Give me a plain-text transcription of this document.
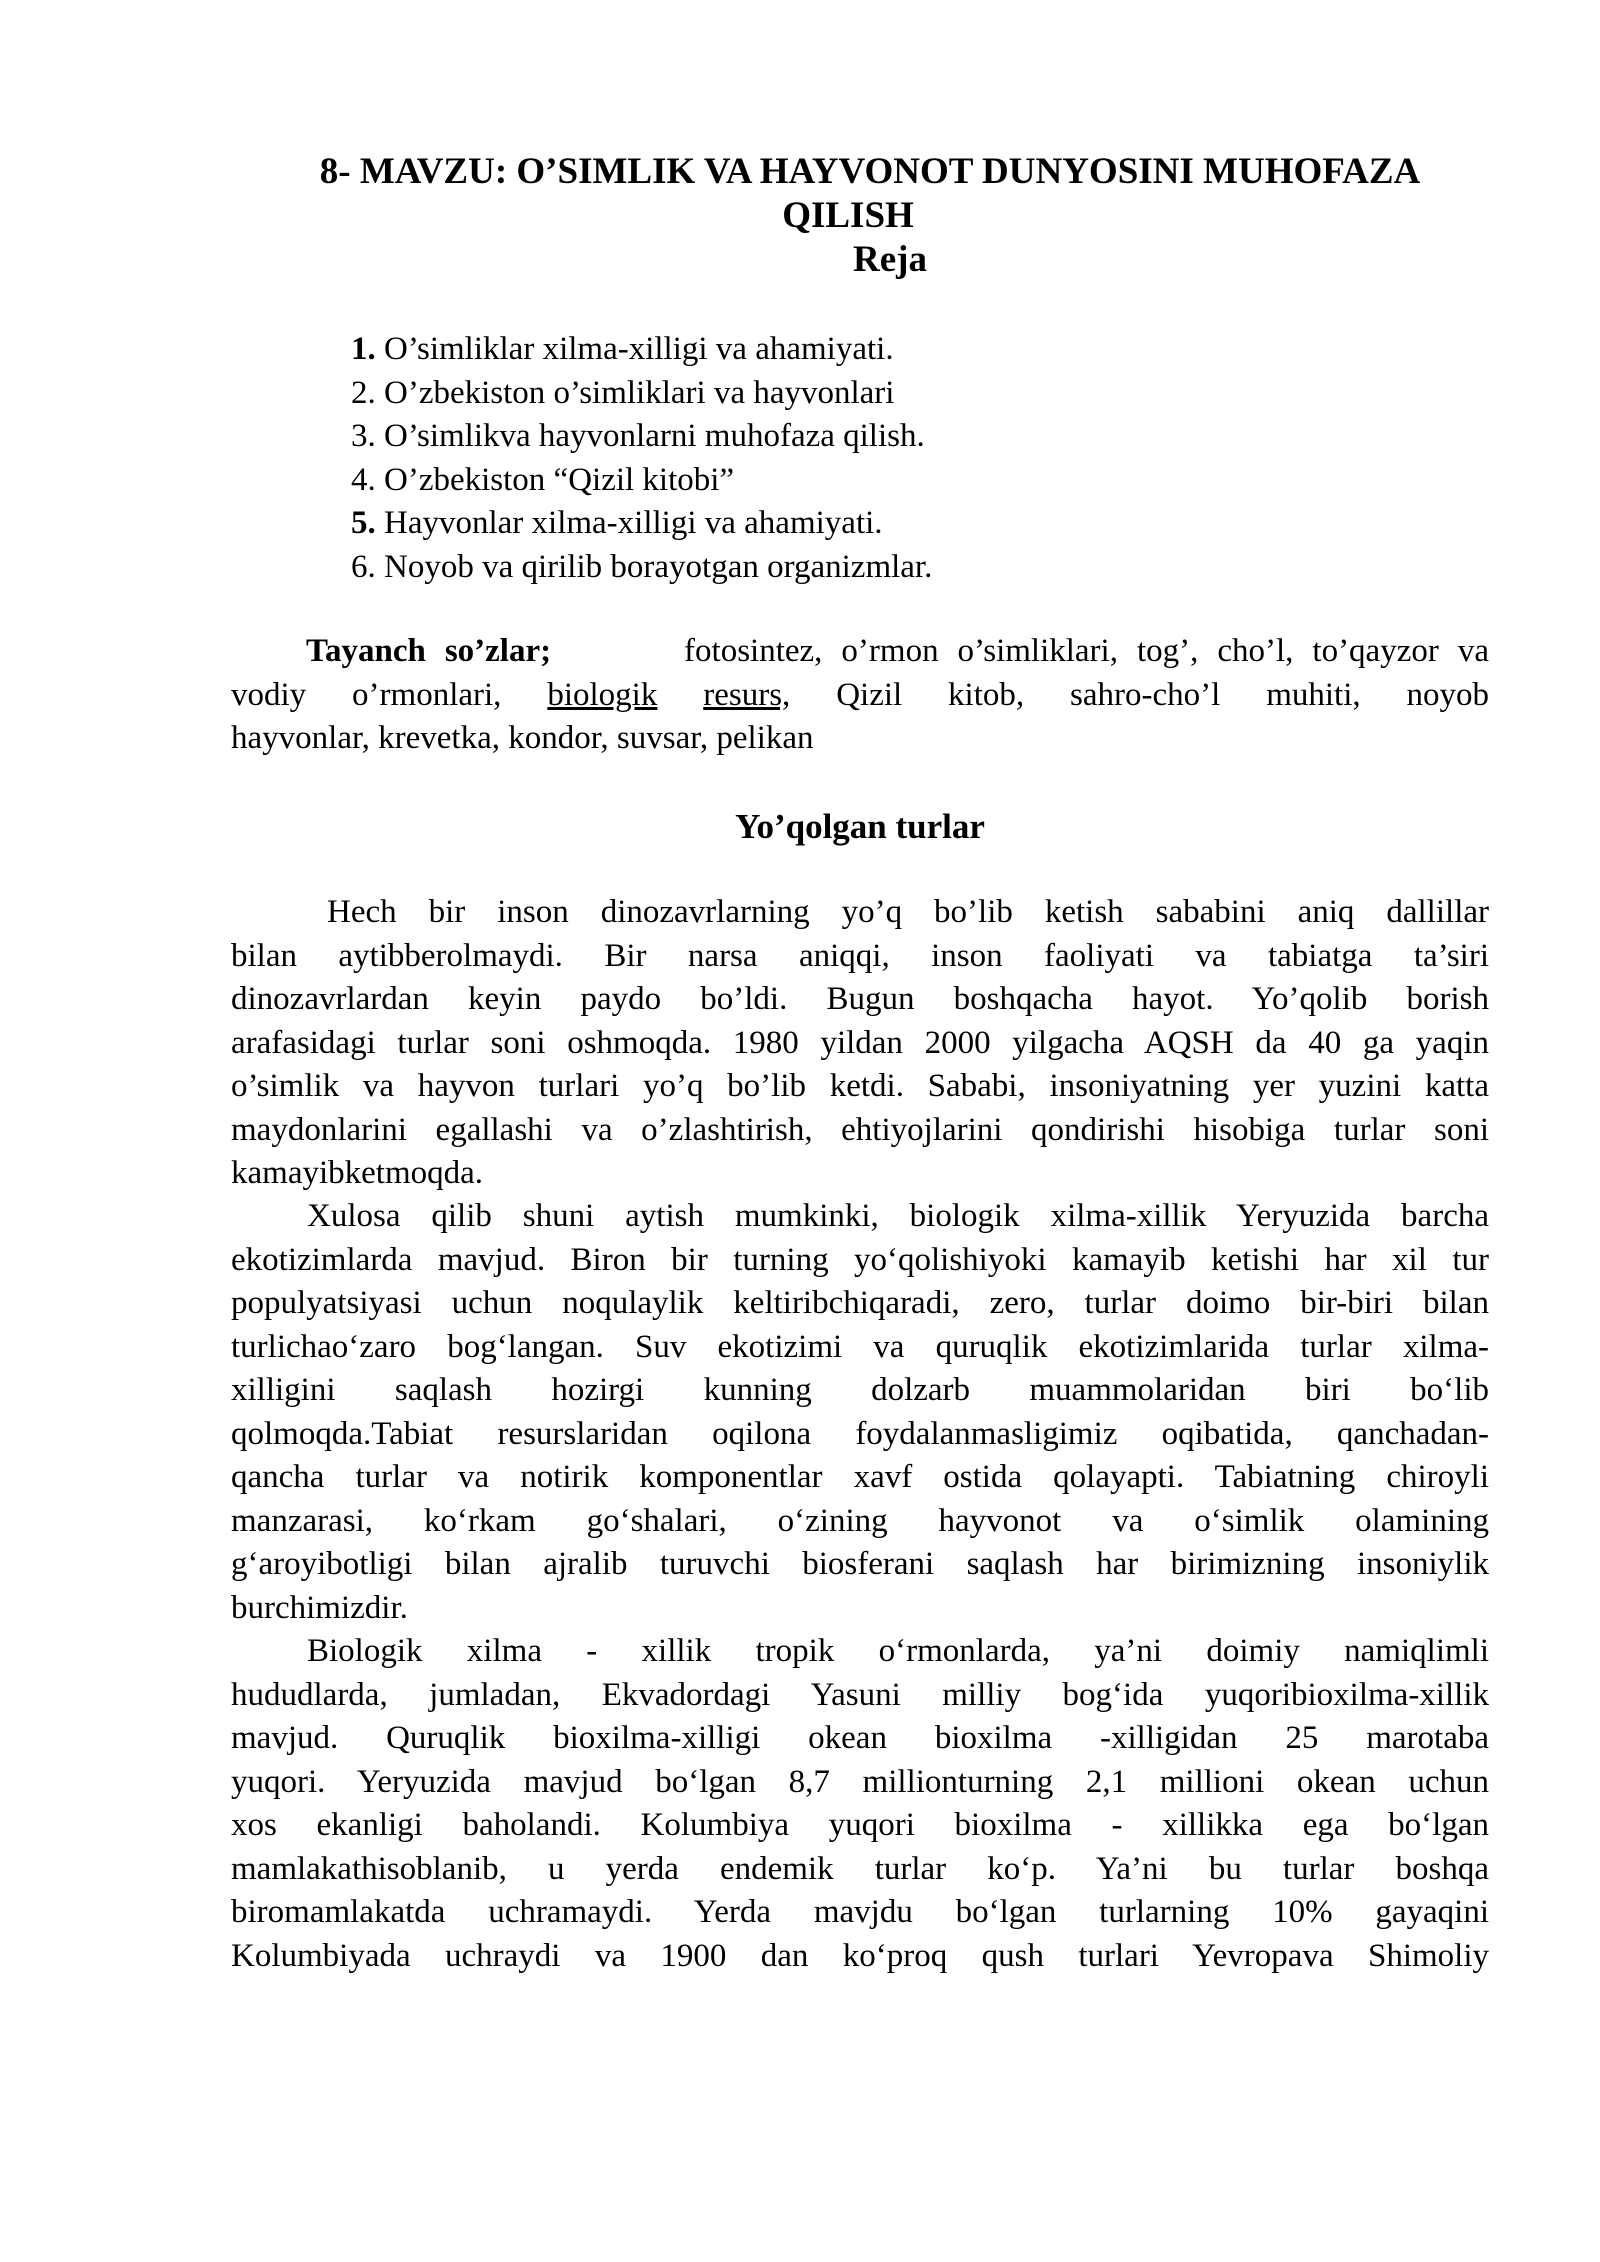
8- MAVZU: O’SIMLIK VA HAYVONOT DUNYOSINI MUHOFAZA
QILISH
Reja
1. O’simliklar xilma-xilligi va ahamiyati.
2. O’zbekiston o’simliklari va hayvonlari
3. O’simlikva hayvonlarni muhofaza qilish.
4. O’zbekiston “Qizil kitobi”
5. Hayvonlar xilma-xilligi va ahamiyati.
6. Noyob va qirilib borayotgan organizmlar.
Tayanch so’zlar;	fotosintez, o’rmon o’simliklari, tog’, cho’l, to’qayzor va
vodiy o’rmonlari, biologik resurs, Qizil kitob, sahro-cho’l muhiti, noyob
hayvonlar, krevetka, kondor, suvsar, pelikan
Yo’qolgan turlar
Hech bir inson dinozavrlarning yo’q bo’lib ketish sababini aniq dallillar
bilan aytibberolmaydi. Bir narsa aniqqi, inson faoliyati va tabiatga ta’siri
dinozavrlardan keyin paydo bo’ldi. Bugun boshqacha hayot. Yo’qolib borish
arafasidagi turlar soni oshmoqda. 1980 yildan 2000 yilgacha AQSH da 40 ga yaqin
o’simlik va hayvon turlari yo’q bo’lib ketdi. Sababi, insoniyatning yer yuzini katta
maydonlarini egallashi va o’zlashtirish, ehtiyojlarini qondirishi hisobiga turlar soni
kamayibketmoqda.
Xulosa qilib shuni aytish mumkinki, biologik xilma-xillik Yeryuzida barcha
ekotizimlarda mavjud. Biron bir turning yo‘qolishiyoki kamayib ketishi har xil tur
populyatsiyasi uchun noqulaylik keltiribchiqaradi, zero, turlar doimo bir-biri bilan
turlichao‘zaro bog‘langan. Suv ekotizimi va quruqlik ekotizimlarida turlar xilma-
xilligini saqlash hozirgi kunning dolzarb muammolaridan biri bo‘lib
qolmoqda.Tabiat resurslaridan oqilona foydalanmasligimiz oqibatida, qanchadan-
qancha turlar va notirik komponentlar xavf ostida qolayapti. Tabiatning chiroyli
manzarasi, ko‘rkam go‘shalari, o‘zining hayvonot va o‘simlik olamining
g‘aroyibotligi bilan ajralib turuvchi biosferani saqlash har birimizning insoniylik
burchimizdir.
Biologik xilma - xillik tropik o‘rmonlarda, ya’ni doimiy namiqlimli
hududlarda, jumladan, Ekvadordagi Yasuni milliy bog‘ida yuqoribioxilma-xillik
mavjud. Quruqlik bioxilma-xilligi okean bioxilma -xilligidan 25 marotaba
yuqori. Yeryuzida mavjud bo‘lgan 8,7 millionturning 2,1 millioni okean uchun
xos ekanligi baholandi. Kolumbiya yuqori bioxilma - xillikka ega bo‘lgan
mamlakathisoblanib, u yerda endemik turlar ko‘p. Ya’ni bu turlar boshqa
biromamlakatda uchramaydi. Yerda mavjdu bo‘lgan turlarning 10% gayaqini
Kolumbiyada uchraydi va 1900 dan ko‘proq qush turlari Yevropava Shimoliy
